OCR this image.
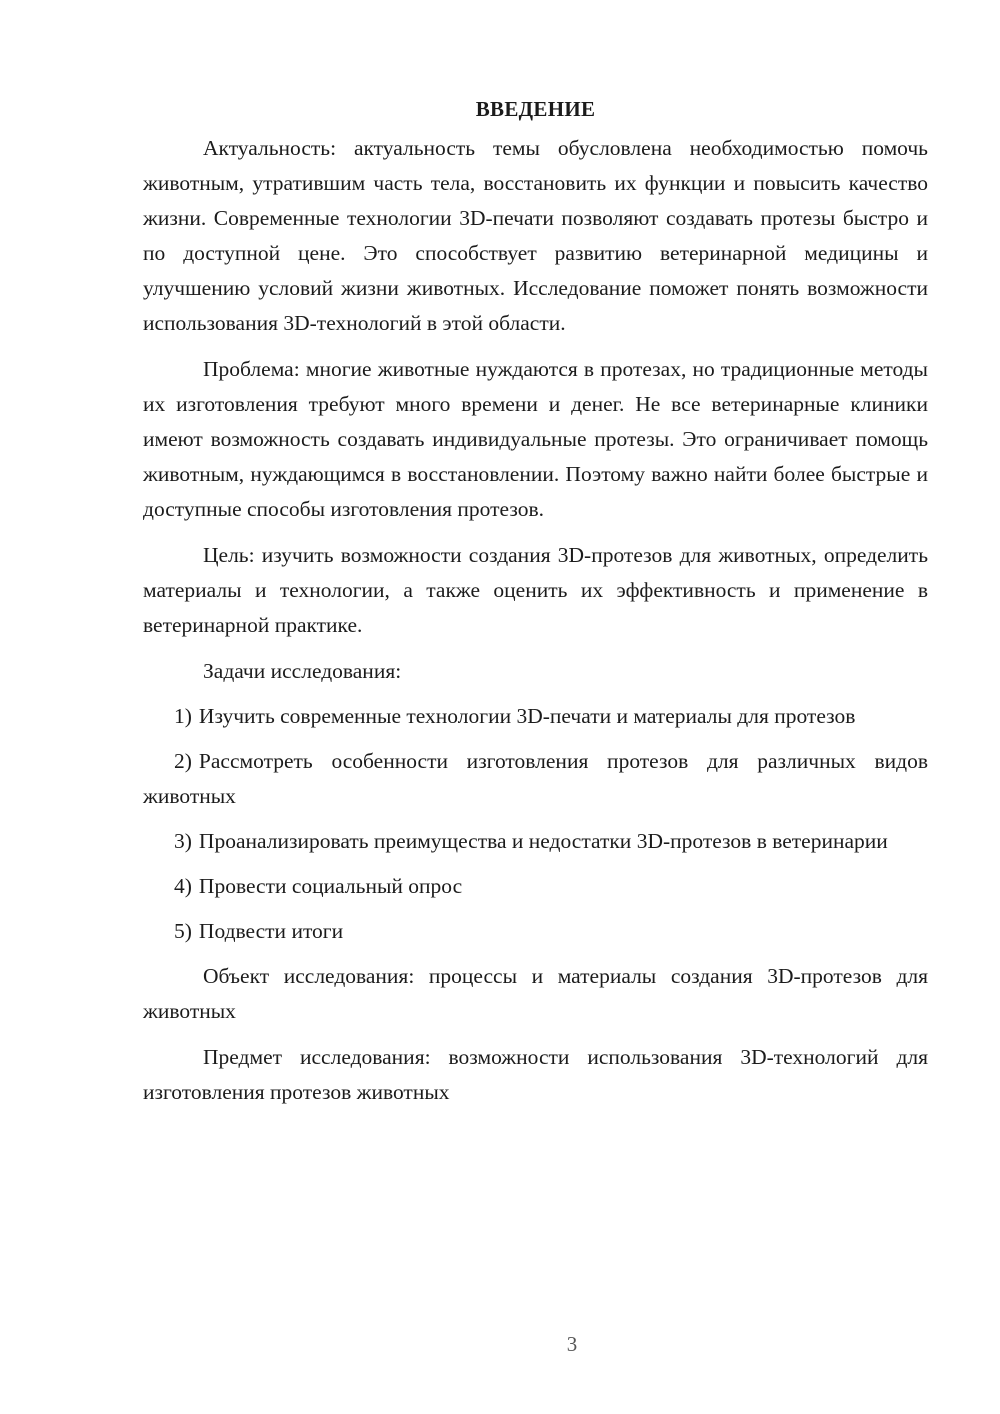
ВВЕДЕНИЕ

Актуальность: актуальность темы обусловлена необходимостью помочь животным, утратившим часть тела, восстановить их функции и повысить качество жизни. Современные технологии 3D-печати позволяют создавать протезы быстро и по доступной цене. Это способствует развитию ветеринарной медицины и улучшению условий жизни животных. Исследование поможет понять возможности использования 3D-технологий в этой области.

Проблема: многие животные нуждаются в протезах, но традиционные методы их изготовления требуют много времени и денег. Не все ветеринарные клиники имеют возможность создавать индивидуальные протезы. Это ограничивает помощь животным, нуждающимся в восстановлении. Поэтому важно найти более быстрые и доступные способы изготовления протезов.

Цель: изучить возможности создания 3D-протезов для животных, определить материалы и технологии, а также оценить их эффективность и применение в ветеринарной практике.

Задачи исследования:

1) Изучить современные технологии 3D-печати и материалы для протезов

2) Рассмотреть особенности изготовления протезов для различных видов животных

3) Проанализировать преимущества и недостатки 3D-протезов в ветеринарии

4) Провести социальный опрос

5) Подвести итоги

Объект исследования: процессы и материалы создания 3D-протезов для животных

Предмет исследования: возможности использования 3D-технологий для изготовления протезов животных

3
